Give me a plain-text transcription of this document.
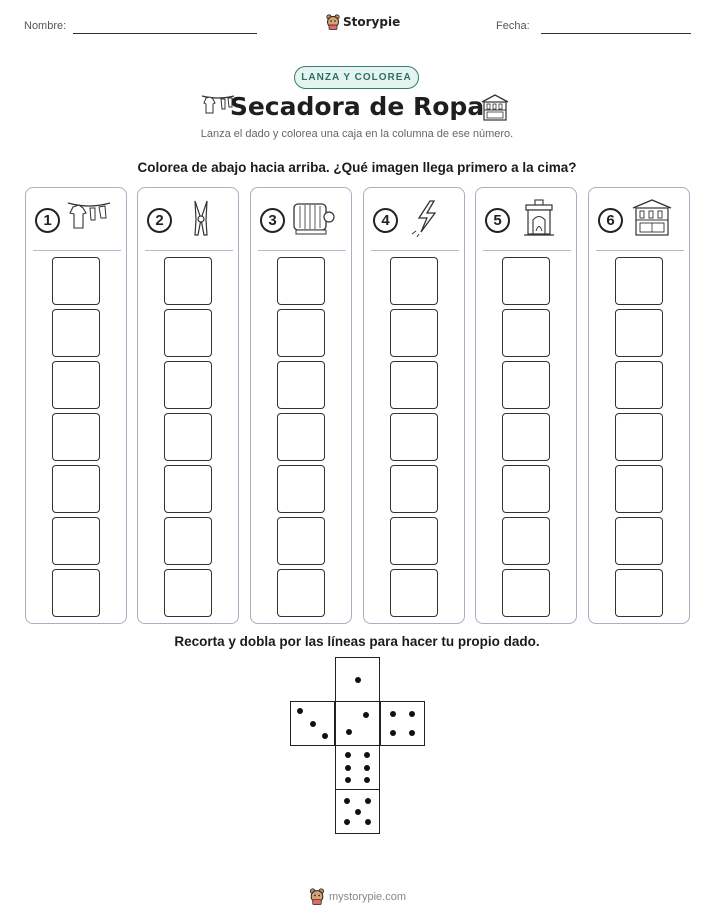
Nombre:	Storypie	Fecha:
LANZA Y COLOREA
Secadora de Ropa
Lanza el dado y colorea una caja en la columna de ese número.
Colorea de abajo hacia arriba. ¿Qué imagen llega primero a la cima?
1	2	3	4	5	6
Recorta y dobla por las líneas para hacer tu propio dado.
mystorypie.com
